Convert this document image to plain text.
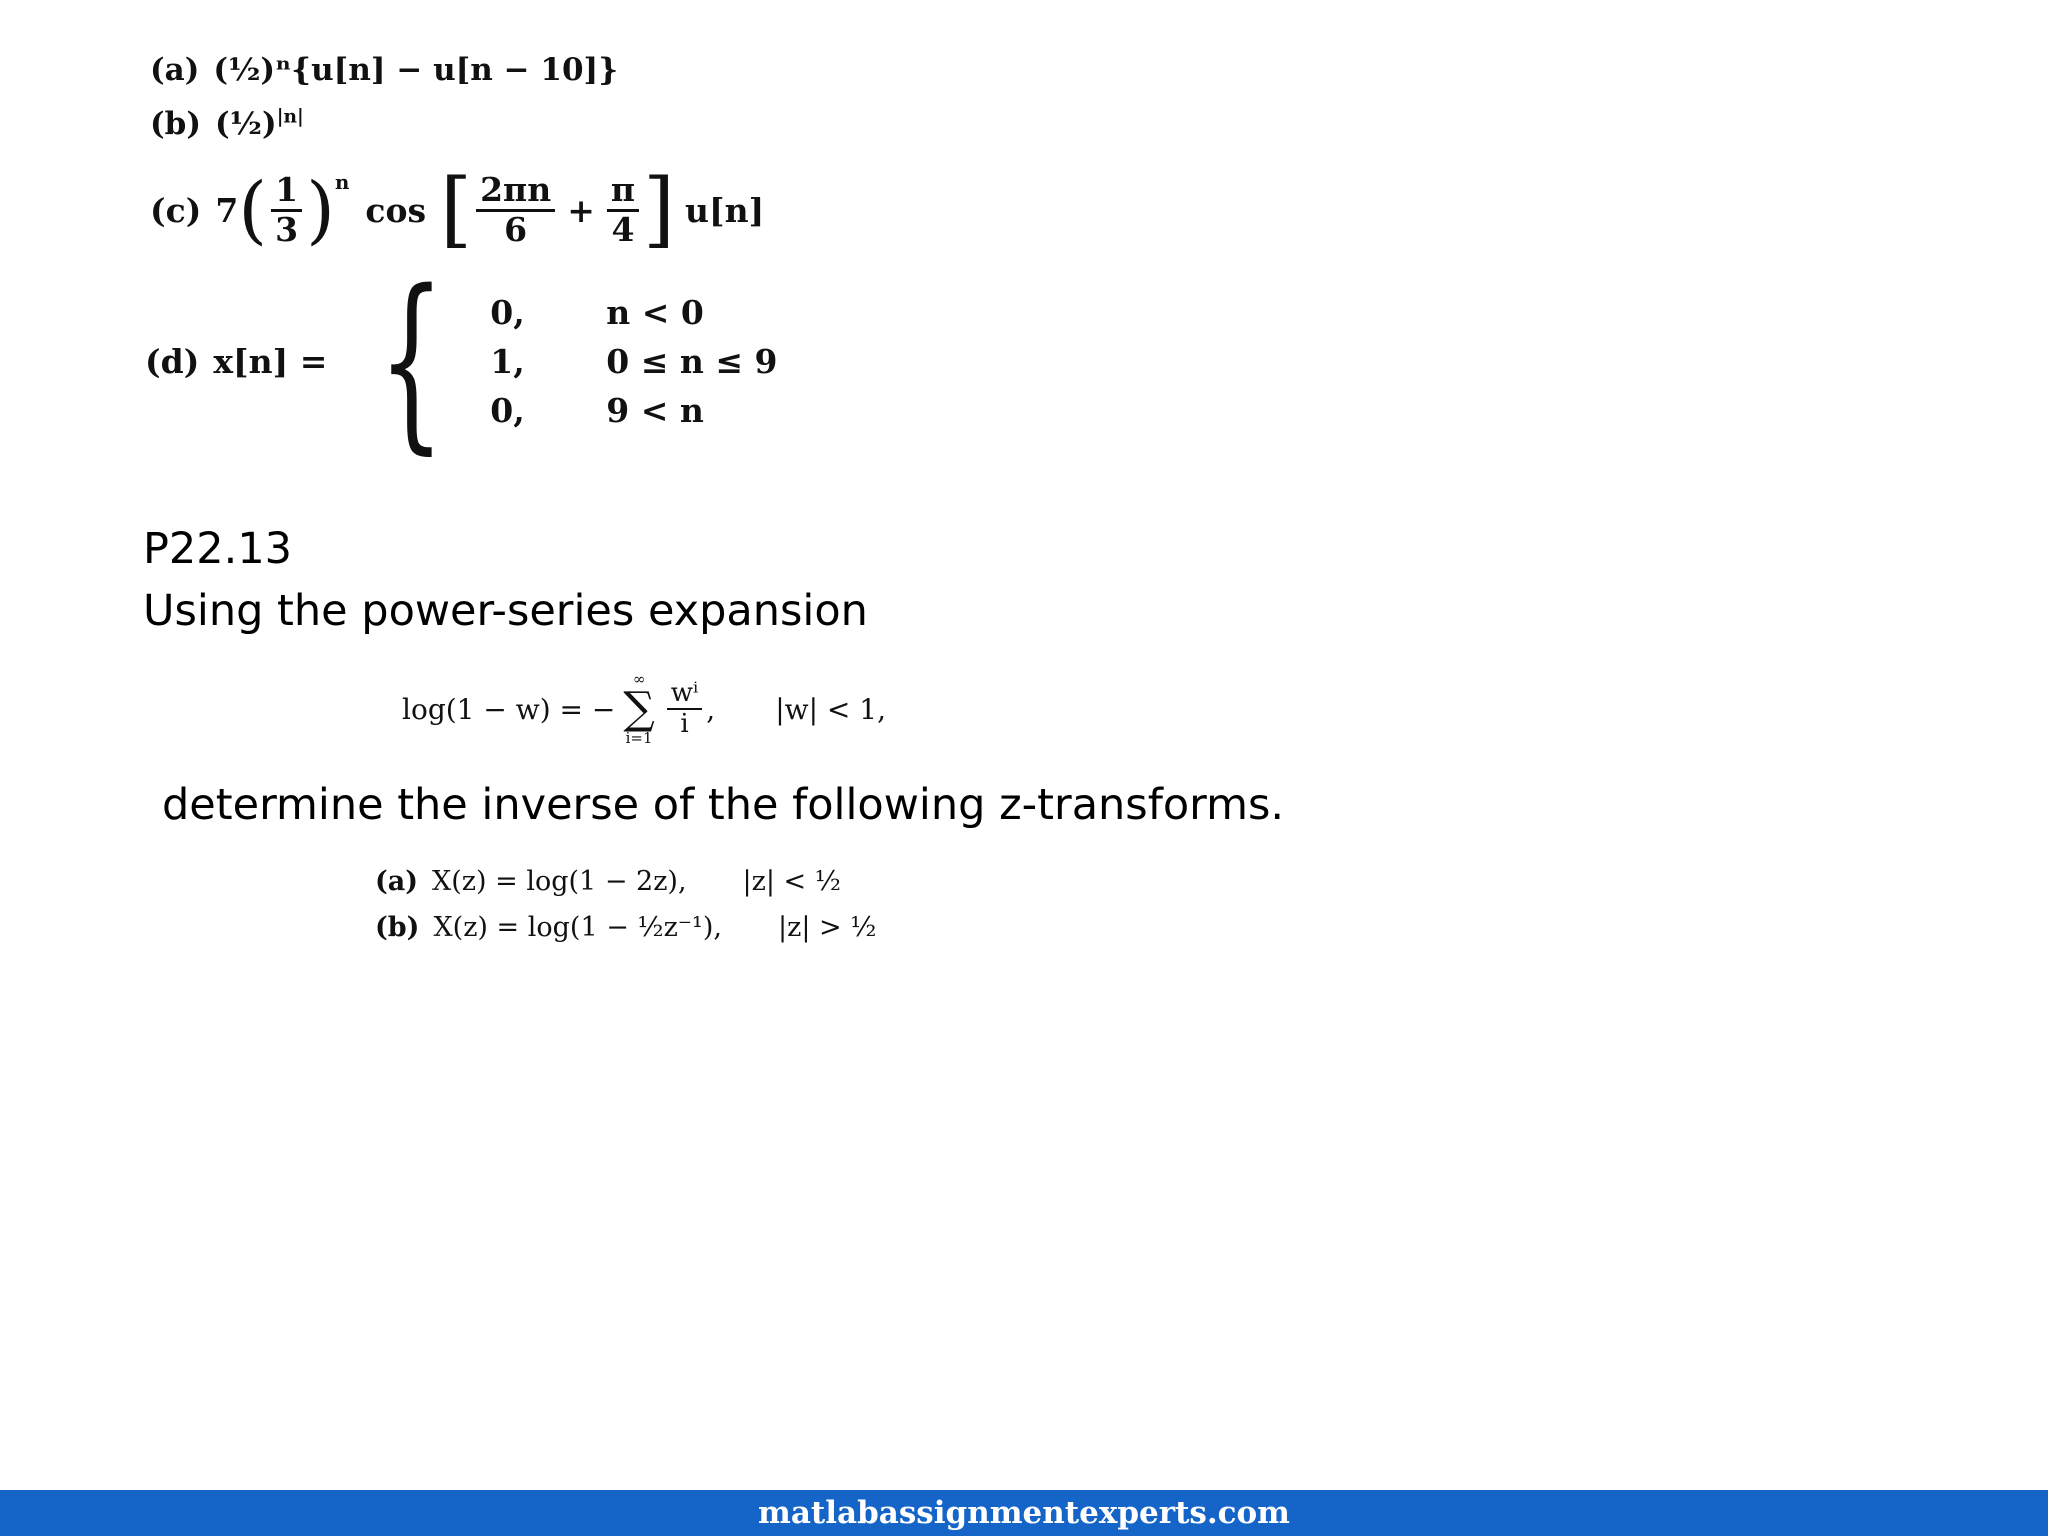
(a) (½)ⁿ{u[n] − u[n − 10]}
(b) (½)$^{|n|}$
(c) 7 ( $\frac{1}{3} )^n$
cos [ $\frac{2\pi n}{6} + \frac{\pi}{4}$ ] u[n]
(d) x[n] = { 0,	n < 0
1,	0 ≤ n ≤ 9
0,	9 < n
P22.13
Using the power-series expansion
log(1 − w) = −
∞
∑
$i=1 \frac{\text{wⁱ}}{i}$ , |w| < 1,
determine the inverse of the following z-transforms.
(a) X(z) = log(1 − 2z), |z| < ½
(b) X(z) = log(1 − ½z⁻¹), |z| > ½
matlabassignmentexperts.com
